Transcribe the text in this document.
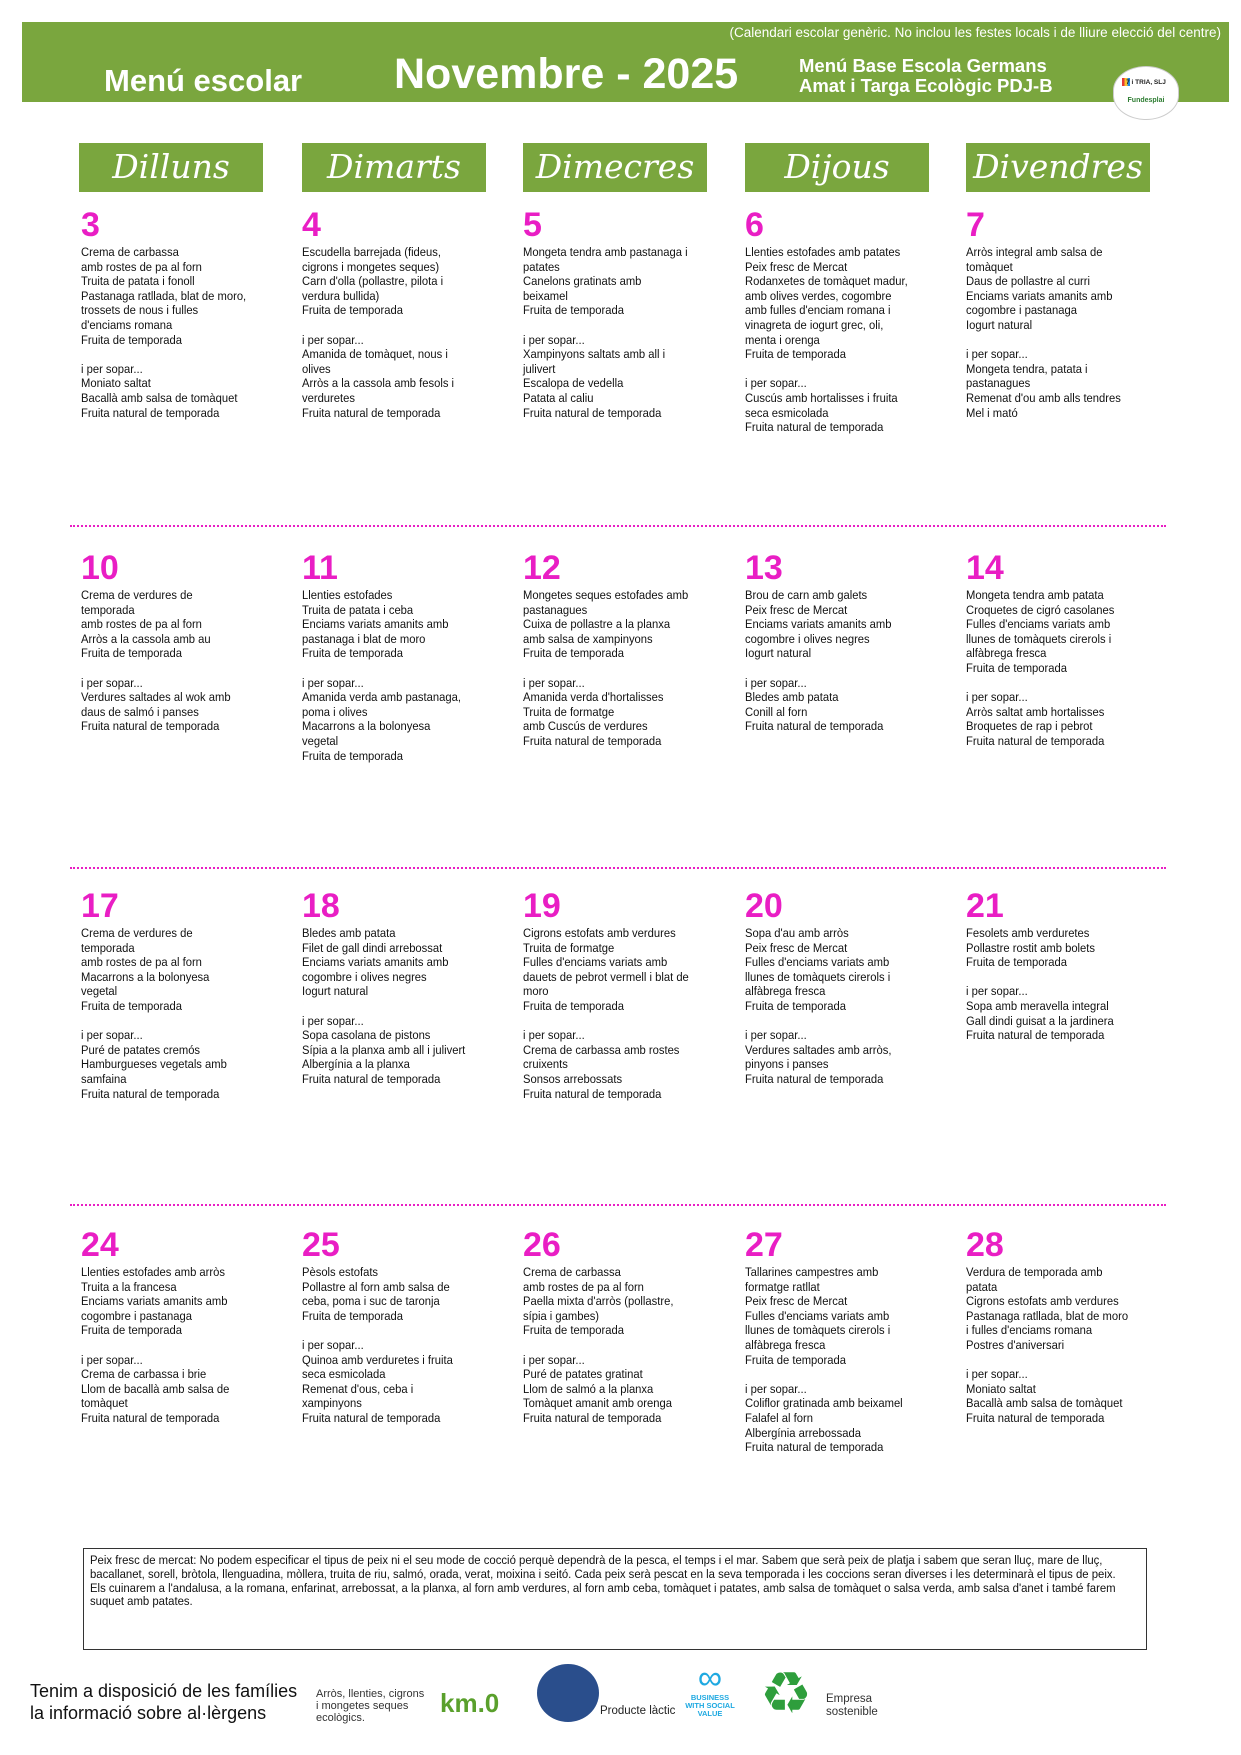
(Calendari escolar genèric. No inclou les festes locals i de lliure elecció del centre)
Menú escolar Novembre - 2025	Menú Base Escola Germans
Amat i Targa Ecològic PDJ-B	7 i TRIA, SLJ
Fundesplai
Dilluns	Dimarts	Dimecres	Dijous	Divendres
3
Crema de carbassa
amb rostes de pa al forn
Truita de patata i fonoll
Pastanaga ratllada, blat de moro,
trossets de nous i fulles
d'enciams romana
Fruita de temporada

i per sopar...
Moniato saltat
Bacallà amb salsa de tomàquet
Fruita natural de temporada
4
Escudella barrejada (fideus,
cigrons i mongetes seques)
Carn d'olla (pollastre, pilota i
verdura bullida)
Fruita de temporada

i per sopar...
Amanida de tomàquet, nous i
olives
Arròs a la cassola amb fesols i
verduretes
Fruita natural de temporada
5
Mongeta tendra amb pastanaga i
patates
Canelons gratinats amb
beixamel
Fruita de temporada

i per sopar...
Xampinyons saltats amb all i
julivert
Escalopa de vedella
Patata al caliu
Fruita natural de temporada
6
Llenties estofades amb patates
Peix fresc de Mercat
Rodanxetes de tomàquet madur,
amb olives verdes, cogombre
amb fulles d'enciam romana i
vinagreta de iogurt grec, oli,
menta i orenga
Fruita de temporada

i per sopar...
Cuscús amb hortalisses i fruita
seca esmicolada
Fruita natural de temporada
7
Arròs integral amb salsa de
tomàquet
Daus de pollastre al curri
Enciams variats amanits amb
cogombre i pastanaga
Iogurt natural

i per sopar...
Mongeta tendra, patata i
pastanagues
Remenat d'ou amb alls tendres
Mel i mató
10
Crema de verdures de
temporada
amb rostes de pa al forn
Arròs a la cassola amb au
Fruita de temporada

i per sopar...
Verdures saltades al wok amb
daus de salmó i panses
Fruita natural de temporada
11
Llenties estofades
Truita de patata i ceba
Enciams variats amanits amb
pastanaga i blat de moro
Fruita de temporada

i per sopar...
Amanida verda amb pastanaga,
poma i olives
Macarrons a la bolonyesa
vegetal
Fruita de temporada
12
Mongetes seques estofades amb
pastanagues
Cuixa de pollastre a la planxa
amb salsa de xampinyons
Fruita de temporada

i per sopar...
Amanida verda d'hortalisses
Truita de formatge
amb Cuscús de verdures
Fruita natural de temporada
13
Brou de carn amb galets
Peix fresc de Mercat
Enciams variats amanits amb
cogombre i olives negres
Iogurt natural

i per sopar...
Bledes amb patata
Conill al forn
Fruita natural de temporada
14
Mongeta tendra amb patata
Croquetes de cigró casolanes
Fulles d'enciams variats amb
llunes de tomàquets cirerols i
alfàbrega fresca
Fruita de temporada

i per sopar...
Arròs saltat amb hortalisses
Broquetes de rap i pebrot
Fruita natural de temporada
17
Crema de verdures de
temporada
amb rostes de pa al forn
Macarrons a la bolonyesa
vegetal
Fruita de temporada

i per sopar...
Puré de patates cremós
Hamburgueses vegetals amb
samfaina
Fruita natural de temporada
18
Bledes amb patata
Filet de gall dindi arrebossat
Enciams variats amanits amb
cogombre i olives negres
Iogurt natural

i per sopar...
Sopa casolana de pistons
Sípia a la planxa amb all i julivert
Albergínia a la planxa
Fruita natural de temporada
19
Cigrons estofats amb verdures
Truita de formatge
Fulles d'enciams variats amb
dauets de pebrot vermell i blat de
moro
Fruita de temporada

i per sopar...
Crema de carbassa amb rostes
cruixents
Sonsos arrebossats
Fruita natural de temporada
20
Sopa d'au amb arròs
Peix fresc de Mercat
Fulles d'enciams variats amb
llunes de tomàquets cirerols i
alfàbrega fresca
Fruita de temporada

i per sopar...
Verdures saltades amb arròs,
pinyons i panses
Fruita natural de temporada
21
Fesolets amb verduretes
Pollastre rostit amb bolets
Fruita de temporada

i per sopar...
Sopa amb meravella integral
Gall dindi guisat a la jardinera
Fruita natural de temporada
24
Llenties estofades amb arròs
Truita a la francesa
Enciams variats amanits amb
cogombre i pastanaga
Fruita de temporada

i per sopar...
Crema de carbassa i brie
Llom de bacallà amb salsa de
tomàquet
Fruita natural de temporada
25
Pèsols estofats
Pollastre al forn amb salsa de
ceba, poma i suc de taronja
Fruita de temporada

i per sopar...
Quinoa amb verduretes i fruita
seca esmicolada
Remenat d'ous, ceba i
xampinyons
Fruita natural de temporada
26
Crema de carbassa
amb rostes de pa al forn
Paella mixta d'arròs (pollastre,
sípia i gambes)
Fruita de temporada

i per sopar...
Puré de patates gratinat
Llom de salmó a la planxa
Tomàquet amanit amb orenga
Fruita natural de temporada
27
Tallarines campestres amb
formatge ratllat
Peix fresc de Mercat
Fulles d'enciams variats amb
llunes de tomàquets cirerols i
alfàbrega fresca
Fruita de temporada

i per sopar...
Coliflor gratinada amb beixamel
Falafel al forn
Albergínia arrebossada
Fruita natural de temporada
28
Verdura de temporada amb
patata
Cigrons estofats amb verdures
Pastanaga ratllada, blat de moro
i fulles d'enciams romana
Postres d'aniversari

i per sopar...
Moniato saltat
Bacallà amb salsa de tomàquet
Fruita natural de temporada
Peix fresc de mercat: No podem especificar el tipus de peix ni el seu mode de cocció perquè dependrà de la pesca, el temps i el mar. Sabem que serà peix de platja i sabem que seran lluç, mare de lluç, bacallanet, sorell, bròtola, llenguadina, mòllera, truita de riu, salmó, orada, verat, moixina i seitó. Cada peix serà pescat en la seva temporada i les coccions seran diverses i les determinarà el tipus de peix. Els cuinarem a l'andalusa, a la romana, enfarinat, arrebossat, a la planxa, al forn amb verdures, al forn amb ceba, tomàquet i patates, amb salsa de tomàquet o salsa verda, amb salsa d'anet i també farem suquet amb patates.
Tenim a disposició de les famílies
la informació sobre al·lèrgens
Arròs, llenties, cigrons
i mongetes seques
ecològics.	km.0	Producte làctic
∞
BUSINESS WITH SOCIAL VALUE ♻ Empresa
sostenible
